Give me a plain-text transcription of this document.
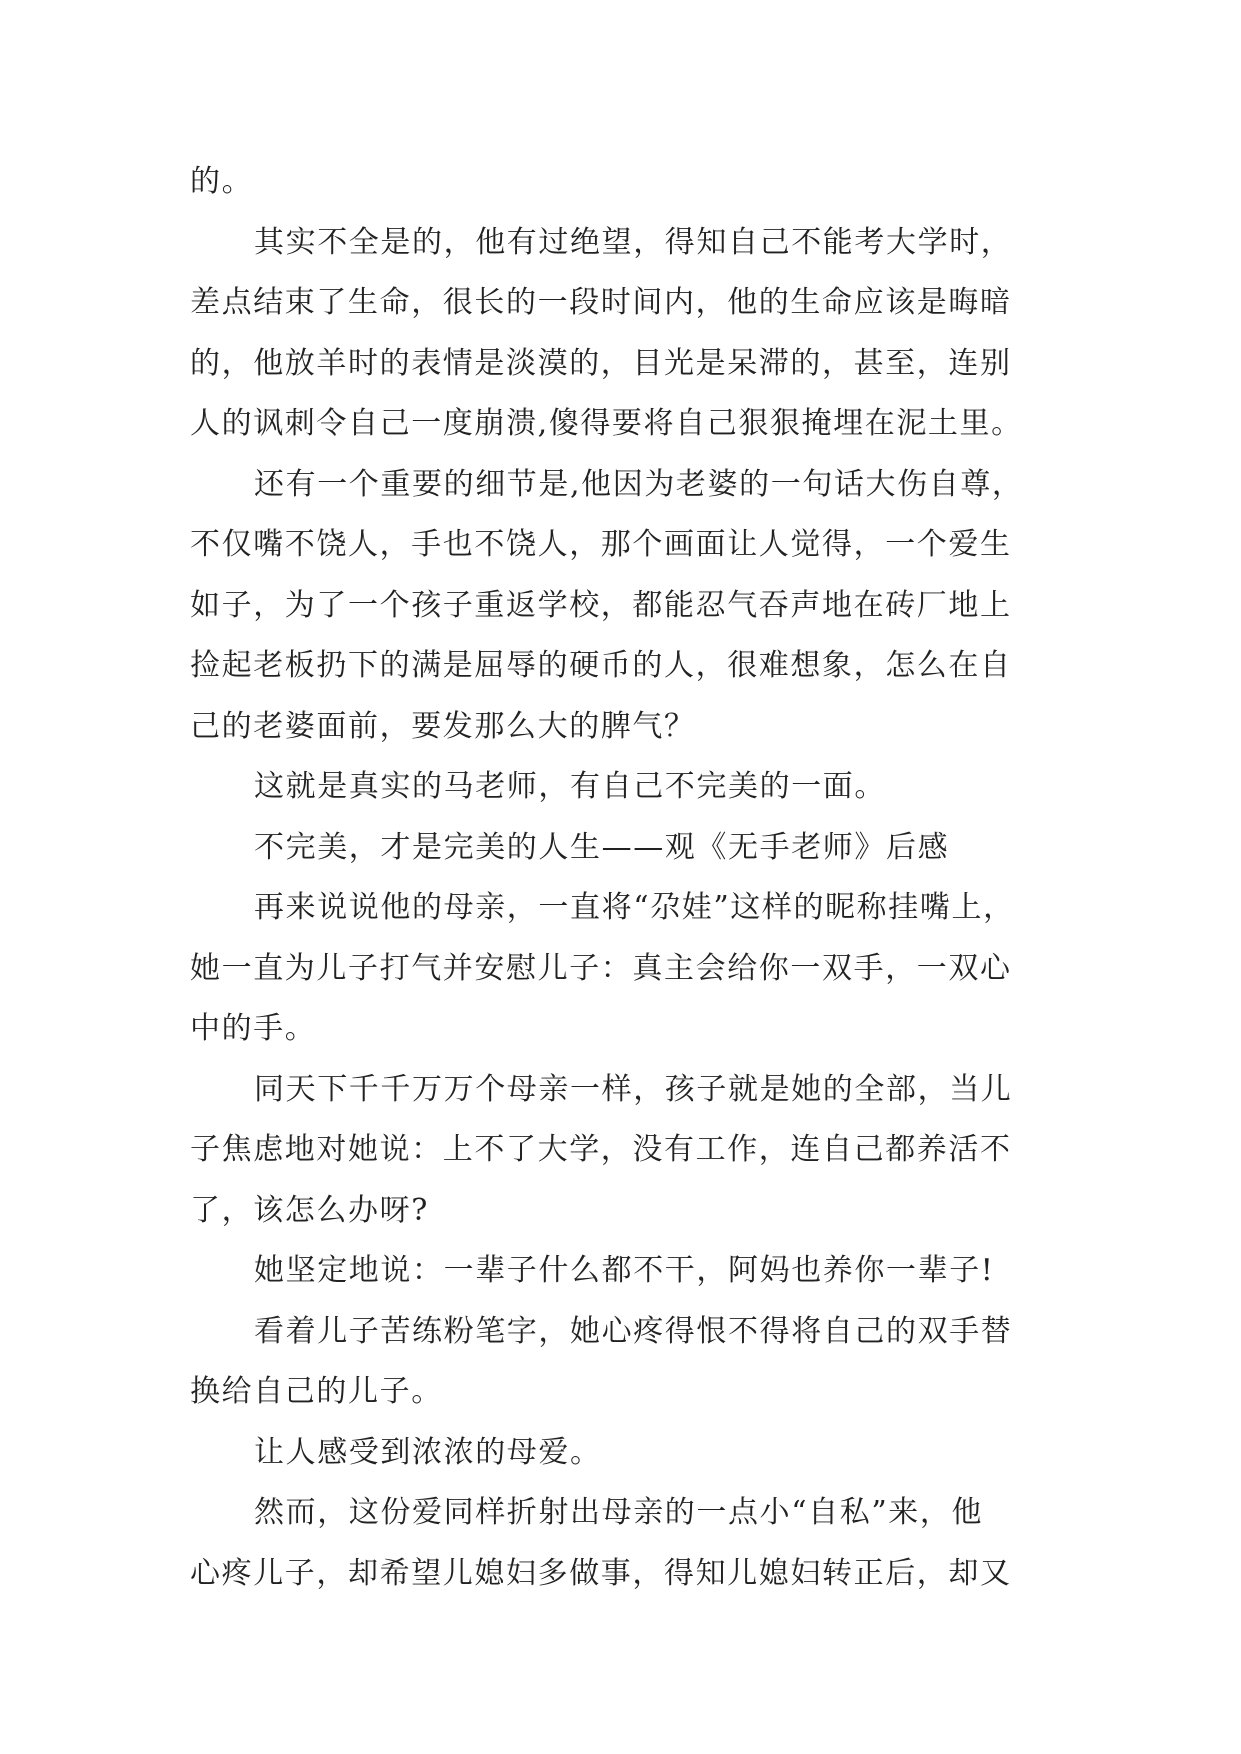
的。
其实不全是的，他有过绝望，得知自己不能考大学时，
差点结束了生命，很长的一段时间内，他的生命应该是晦暗
的，他放羊时的表情是淡漠的，目光是呆滞的，甚至，连别
人的讽刺令自己一度崩溃,傻得要将自己狠狠掩埋在泥土里。
还有一个重要的细节是,他因为老婆的一句话大伤自尊，
不仅嘴不饶人，手也不饶人，那个画面让人觉得，一个爱生
如子，为了一个孩子重返学校，都能忍气吞声地在砖厂地上
捡起老板扔下的满是屈辱的硬币的人，很难想象，怎么在自
己的老婆面前，要发那么大的脾气？
这就是真实的马老师，有自己不完美的一面。
不完美，才是完美的人生——观《无手老师》后感
再来说说他的母亲，一直将“尕娃”这样的昵称挂嘴上，
她一直为儿子打气并安慰儿子：真主会给你一双手，一双心
中的手。
同天下千千万万个母亲一样，孩子就是她的全部，当儿
子焦虑地对她说：上不了大学，没有工作，连自己都养活不
了，该怎么办呀?
她坚定地说：一辈子什么都不干，阿妈也养你一辈子!
看着儿子苦练粉笔字，她心疼得恨不得将自己的双手替
换给自己的儿子。
让人感受到浓浓的母爱。
然而，这份爱同样折射出母亲的一点小“自私”来，他
心疼儿子，却希望儿媳妇多做事，得知儿媳妇转正后，却又
